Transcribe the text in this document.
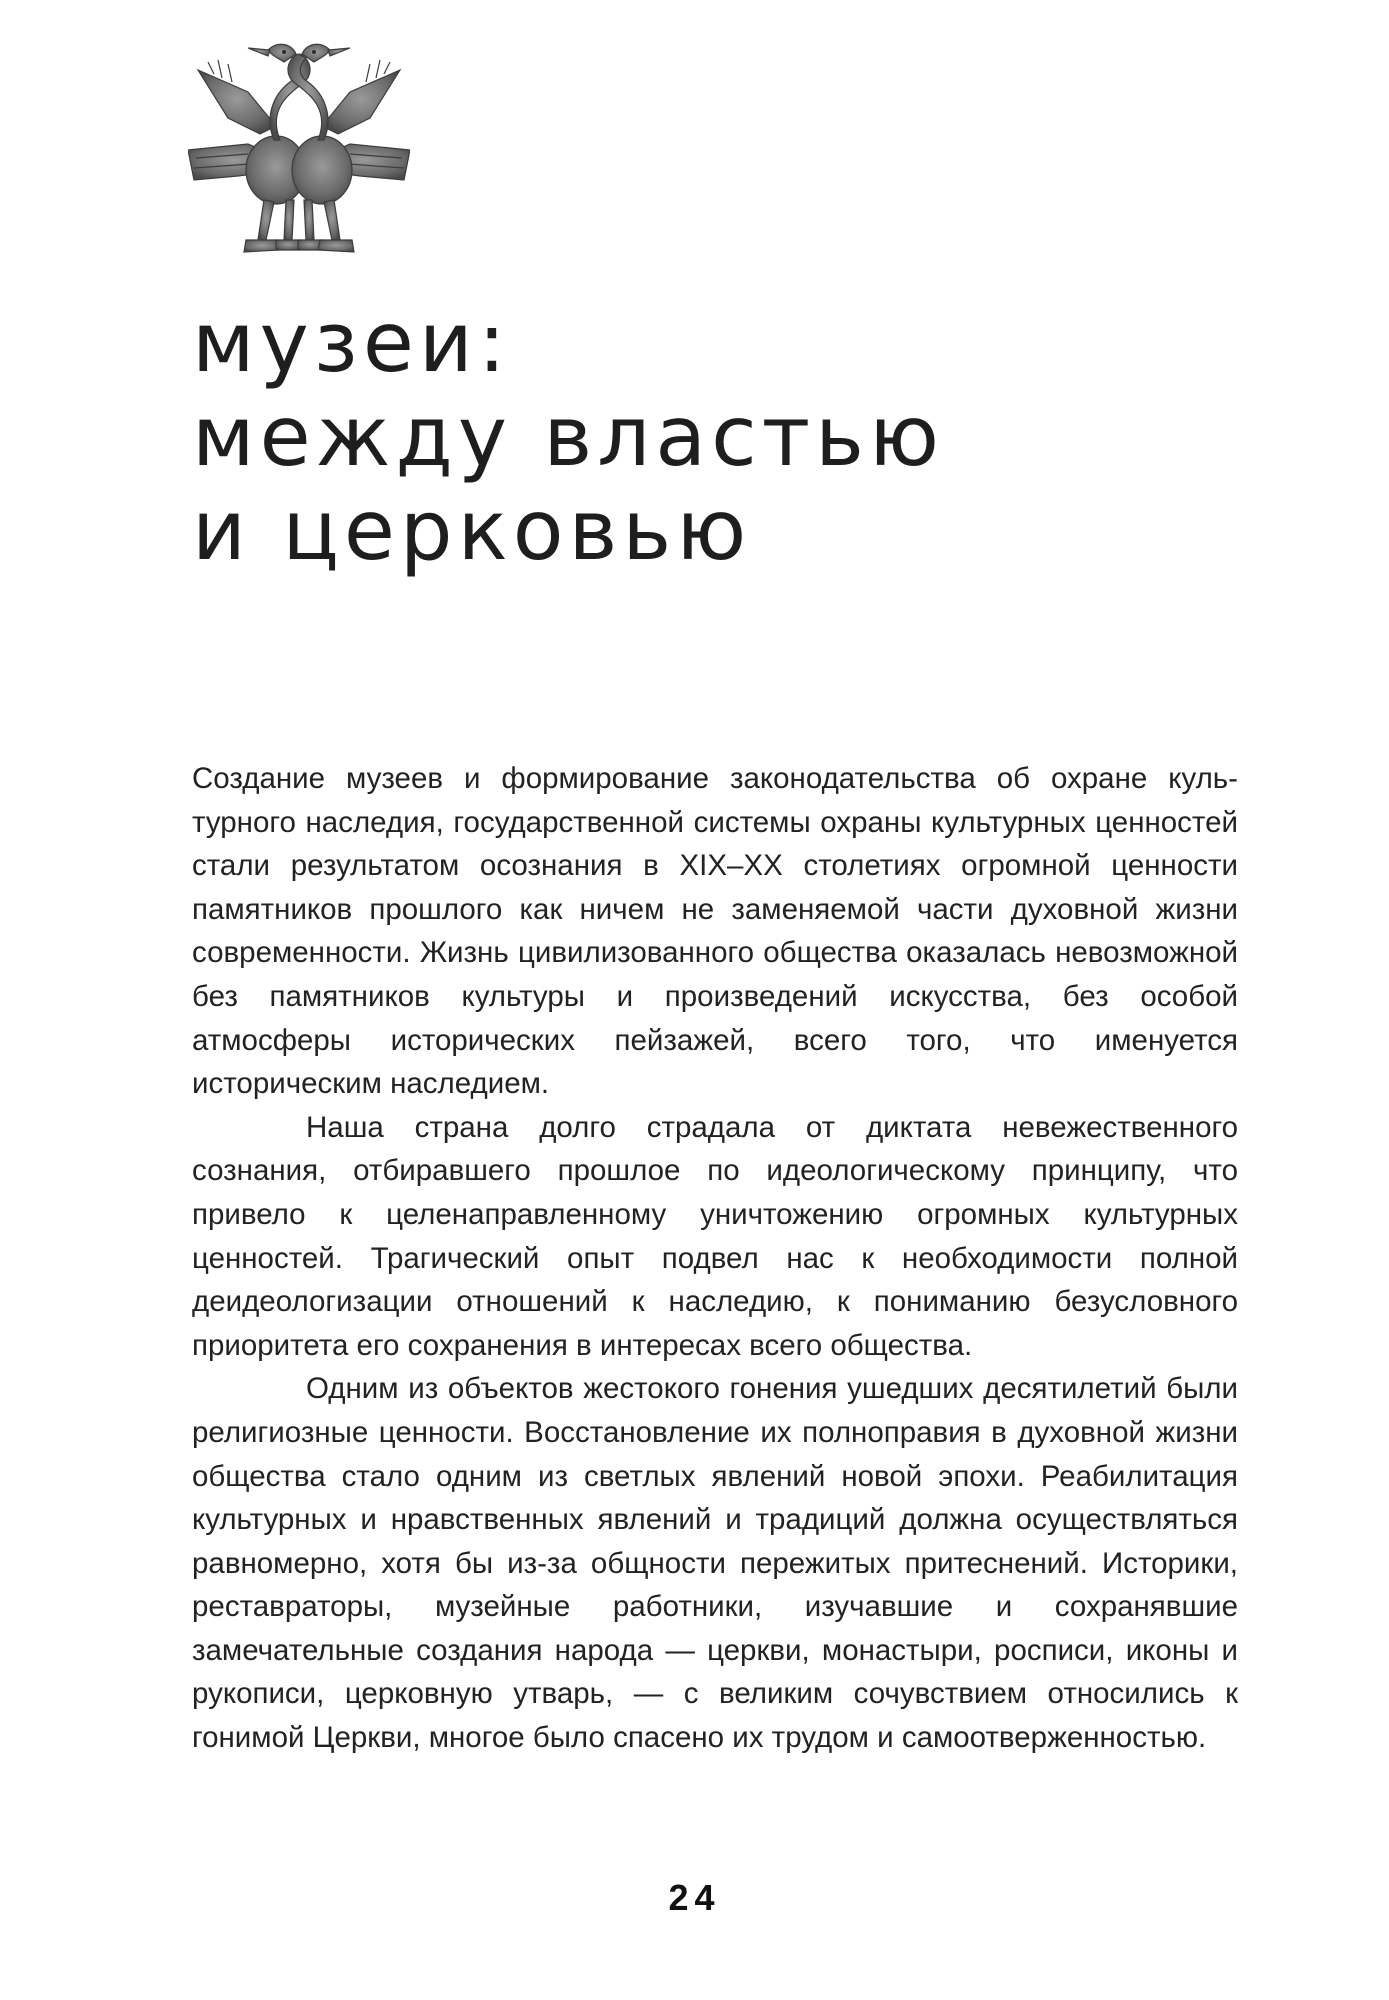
музеи:
между властью
и церковью

Создание музеев и формирование законодательства об охране культурного наследия, государственной системы охраны культурных ценностей стали результатом осознания в XIX–XX столетиях огромной ценности памятников прошлого как ничем не заменяемой части духовной жизни современности. Жизнь цивилизованного общества оказалась невозможной без памятников культуры и произведений искусства, без особой атмосферы исторических пейзажей, всего того, что именуется историческим наследием.

Наша страна долго страдала от диктата невежественного сознания, отбиравшего прошлое по идеологическому принципу, что привело к целенаправленному уничтожению огромных культурных ценностей. Трагический опыт подвел нас к необходимости полной деидеологизации отношений к наследию, к пониманию безусловного приоритета его сохранения в интересах всего общества.

Одним из объектов жестокого гонения ушедших десятилетий были религиозные ценности. Восстановление их полноправия в духовной жизни общества стало одним из светлых явлений новой эпохи. Реабилитация культурных и нравственных явлений и традиций должна осуществляться равномерно, хотя бы из-за общности пережитых притеснений. Историки, реставраторы, музейные работники, изучавшие и сохранявшие замечательные создания народа — церкви, монастыри, росписи, иконы и рукописи, церковную утварь, — с великим сочувствием относились к гонимой Церкви, многое было спасено их трудом и самоотверженностью.

24
